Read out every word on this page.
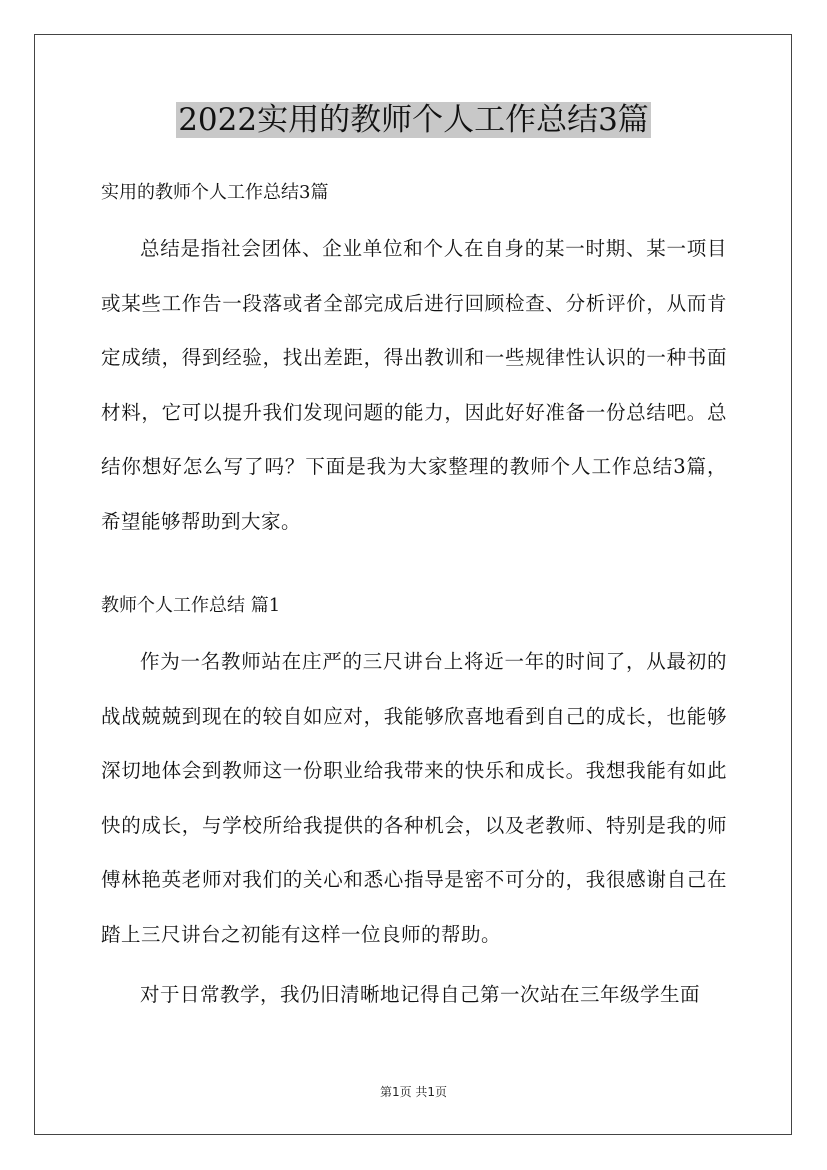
2022实用的教师个人工作总结3篇

实用的教师个人工作总结3篇

总结是指社会团体、企业单位和个人在自身的某一时期、某一项目或某些工作告一段落或者全部完成后进行回顾检查、分析评价，从而肯定成绩，得到经验，找出差距，得出教训和一些规律性认识的一种书面材料，它可以提升我们发现问题的能力，因此好好准备一份总结吧。总结你想好怎么写了吗？下面是我为大家整理的教师个人工作总结3篇，希望能够帮助到大家。

教师个人工作总结 篇1

作为一名教师站在庄严的三尺讲台上将近一年的时间了，从最初的战战兢兢到现在的较自如应对，我能够欣喜地看到自己的成长，也能够深切地体会到教师这一份职业给我带来的快乐和成长。我想我能有如此快的成长，与学校所给我提供的各种机会，以及老教师、特别是我的师傅林艳英老师对我们的关心和悉心指导是密不可分的，我很感谢自己在踏上三尺讲台之初能有这样一位良师的帮助。

对于日常教学，我仍旧清晰地记得自己第一次站在三年级学生面

第1页 共1页
